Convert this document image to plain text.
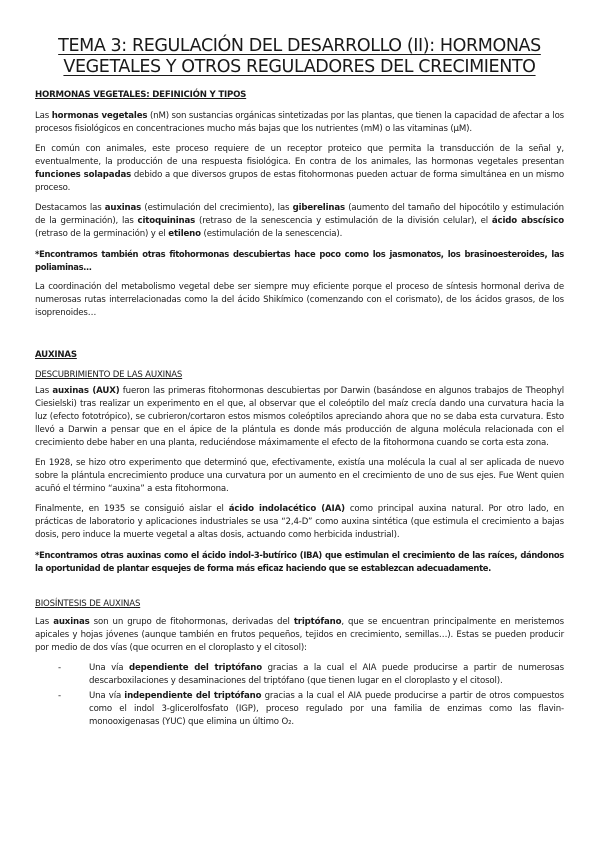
TEMA 3: REGULACIÓN DEL DESARROLLO (II): HORMONAS VEGETALES Y OTROS REGULADORES DEL CRECIMIENTO
HORMONAS VEGETALES: DEFINICIÓN Y TIPOS
Las hormonas vegetales (nM) son sustancias orgánicas sintetizadas por las plantas, que tienen la capacidad de afectar a los procesos fisiológicos en concentraciones mucho más bajas que los nutrientes (mM) o las vitaminas (µM).
En común con animales, este proceso requiere de un receptor proteico que permita la transducción de la señal y, eventualmente, la producción de una respuesta fisiológica. En contra de los animales, las hormonas vegetales presentan funciones solapadas debido a que diversos grupos de estas fitohormonas pueden actuar de forma simultánea en un mismo proceso.
Destacamos las auxinas (estimulación del crecimiento), las giberelinas (aumento del tamaño del hipocótilo y estimulación de la germinación), las citoquininas (retraso de la senescencia y estimulación de la división celular), el ácido abscísico (retraso de la germinación) y el etileno (estimulación de la senescencia).
*Encontramos también otras fitohormonas descubiertas hace poco como los jasmonatos, los brasinoesteroides, las poliaminas…
La coordinación del metabolismo vegetal debe ser siempre muy eficiente porque el proceso de síntesis hormonal deriva de numerosas rutas interrelacionadas como la del ácido Shikímico (comenzando con el corismato), de los ácidos grasos, de los isoprenoides…
AUXINAS
DESCUBRIMIENTO DE LAS AUXINAS
Las auxinas (AUX) fueron las primeras fitohormonas descubiertas por Darwin (basándose en algunos trabajos de Theophyl Ciesielski) tras realizar un experimento en el que, al observar que el coleóptilo del maíz crecía dando una curvatura hacia la luz (efecto fototrópico), se cubrieron/cortaron estos mismos coleóptilos apreciando ahora que no se daba esta curvatura. Esto llevó a Darwin a pensar que en el ápice de la plántula es donde más producción de alguna molécula relacionada con el crecimiento debe haber en una planta, reduciéndose máximamente el efecto de la fitohormona cuando se corta esta zona.
En 1928, se hizo otro experimento que determinó que, efectivamente, existía una molécula la cual al ser aplicada de nuevo sobre la plántula encrecimiento produce una curvatura por un aumento en el crecimiento de uno de sus ejes. Fue Went quien acuñó el término “auxina” a esta fitohormona.
Finalmente, en 1935 se consiguió aislar el ácido indolacético (AIA) como principal auxina natural. Por otro lado, en prácticas de laboratorio y aplicaciones industriales se usa “2,4-D” como auxina sintética (que estimula el crecimiento a bajas dosis, pero induce la muerte vegetal a altas dosis, actuando como herbicida industrial).
*Encontramos otras auxinas como el ácido indol-3-butírico (IBA) que estimulan el crecimiento de las raíces, dándonos la oportunidad de plantar esquejes de forma más eficaz haciendo que se establezcan adecuadamente.
BIOSÍNTESIS DE AUXINAS
Las auxinas son un grupo de fitohormonas, derivadas del triptófano, que se encuentran principalmente en meristemos apicales y hojas jóvenes (aunque también en frutos pequeños, tejidos en crecimiento, semillas…). Estas se pueden producir por medio de dos vías (que ocurren en el cloroplasto y el citosol):
-	Una vía dependiente del triptófano gracias a la cual el AIA puede producirse a partir de numerosas descarboxilaciones y desaminaciones del triptófano (que tienen lugar en el cloroplasto y el citosol).
-	Una vía independiente del triptófano gracias a la cual el AIA puede producirse a partir de otros compuestos como el indol 3-glicerolfosfato (IGP), proceso regulado por una familia de enzimas como las flavin-monooxigenasas (YUC) que elimina un último O₂.
